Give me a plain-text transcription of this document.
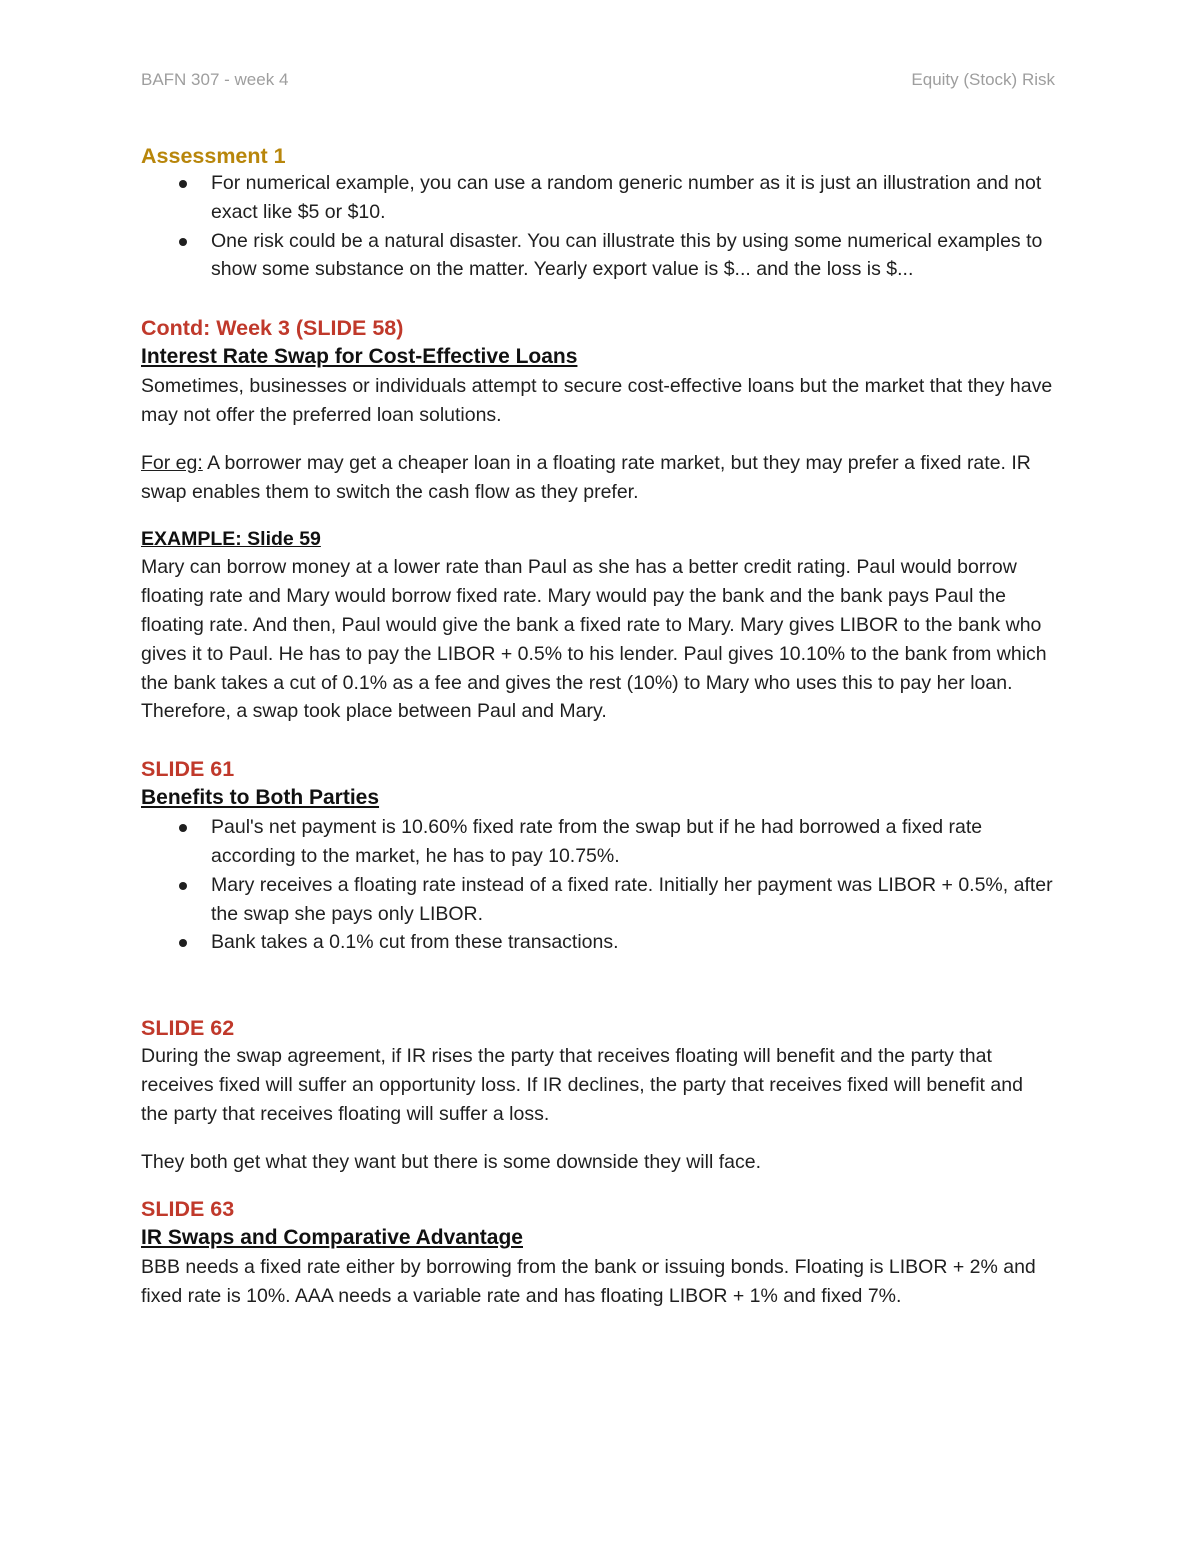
BAFN 307 - week 4	Equity (Stock) Risk
Assessment 1
For numerical example, you can use a random generic number as it is just an illustration and not exact like $5 or $10.
One risk could be a natural disaster. You can illustrate this by using some numerical examples to show some substance on the matter. Yearly export value is $... and the loss is $...
Contd: Week 3 (SLIDE 58)
Interest Rate Swap for Cost-Effective Loans

Sometimes, businesses or individuals attempt to secure cost-effective loans but the market that they have may not offer the preferred loan solutions.

For eg: A borrower may get a cheaper loan in a floating rate market, but they may prefer a fixed rate. IR swap enables them to switch the cash flow as they prefer.

EXAMPLE: Slide 59

Mary can borrow money at a lower rate than Paul as she has a better credit rating. Paul would borrow floating rate and Mary would borrow fixed rate. Mary would pay the bank and the bank pays Paul the floating rate. And then, Paul would give the bank a fixed rate to Mary. Mary gives LIBOR to the bank who gives it to Paul. He has to pay the LIBOR + 0.5% to his lender. Paul gives 10.10% to the bank from which the bank takes a cut of 0.1% as a fee and gives the rest (10%) to Mary who uses this to pay her loan. Therefore, a swap took place between Paul and Mary.

SLIDE 61
Benefits to Both Parties
Paul's net payment is 10.60% fixed rate from the swap but if he had borrowed a fixed rate according to the market, he has to pay 10.75%.
Mary receives a floating rate instead of a fixed rate. Initially her payment was LIBOR + 0.5%, after the swap she pays only LIBOR.
Bank takes a 0.1% cut from these transactions.
SLIDE 62

During the swap agreement, if IR rises the party that receives floating will benefit and the party that receives fixed will suffer an opportunity loss. If IR declines, the party that receives fixed will benefit and the party that receives floating will suffer a loss.

They both get what they want but there is some downside they will face.

SLIDE 63
IR Swaps and Comparative Advantage

BBB needs a fixed rate either by borrowing from the bank or issuing bonds. Floating is LIBOR + 2% and fixed rate is 10%. AAA needs a variable rate and has floating LIBOR + 1% and fixed 7%.
